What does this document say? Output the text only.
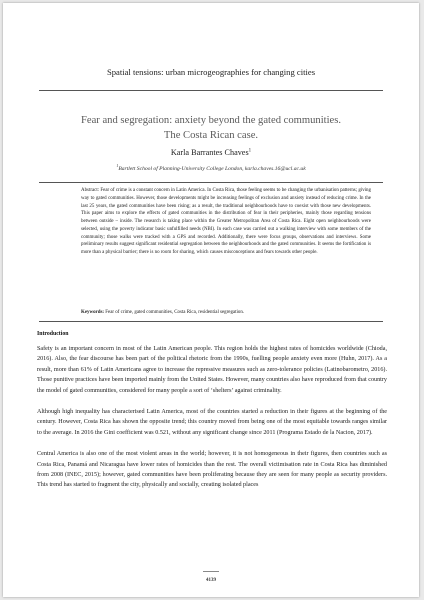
Spatial tensions: urban microgeographies for changing cities
Fear and segregation: anxiety beyond the gated communities. The Costa Rican case.
Karla Barrantes Chaves$^1$
$^1$Bartlett School of Planning-University College London, karla.chaves.16@ucl.ac.uk
Abstract: Fear of crime is a constant concern in Latin America. In Costa Rica, those feeling seems to be changing the urbanisation patterns; giving way to gated communities. However, those developments might be increasing feelings of exclusion and anxiety instead of reducing crime. In the last 25 years, the gated communities have been rising; as a result, the traditional neighbourhoods have to coexist with those new developments. This paper aims to explore the effects of gated communities in the distribution of fear in their peripheries, mainly those regarding tensions between outside – inside. The research is taking place within the Greater Metropolitan Area of Costa Rica. Eight open neighbourhoods were selected, using the poverty indicator basic unfulfilled needs (NBI). In each case was carried out a walking interview with some members of the community; those walks were tracked with a GPS and recorded. Additionally, there were focus groups, observations and interviews. Some preliminary results suggest significant residential segregation between the neighbourhoods and the gated communities. It seems the fortification is more than a physical barrier; there is no room for sharing, which causes misconceptions and fears towards other people.
Keywords: Fear of crime, gated communities, Costa Rica, residential segregation.
Introduction

Safety is an important concern in most of the Latin American people. This region holds the highest rates of homicides worldwide (Chioda, 2016). Also, the fear discourse has been part of the political rhetoric from the 1990s, fuelling people anxiety even more (Huhn, 2017). As a result, more than 61% of Latin Americans agree to increase the repressive measures such as zero-tolerance policies (Latinobarometro, 2016). Those punitive practices have been imported mainly from the United States. However, many countries also have reproduced from that country the model of gated communities, considered for many people a sort of ‘shelters’ against criminality.

Although high inequality has characterised Latin America, most of the countries started a reduction in their figures at the beginning of the century. However, Costa Rica has shown the opposite trend; this country moved from being one of the most equitable towards ranges similar to the average. In 2016 the Gini coefficient was 0.521, without any significant change since 2011 (Programa Estado de la Nacion, 2017).

Central America is also one of the most violent areas in the world; however, it is not homogeneous in their figures, then countries such as Costa Rica, Panamá and Nicaragua have lower rates of homicides than the rest. The overall victimisation rate in Costa Rica has diminished from 2008 (INEC, 2015); however, gated communities have been proliferating because they are seen for many people as security providers. This trend has started to fragment the city, physically and socially, creating isolated places

4139
